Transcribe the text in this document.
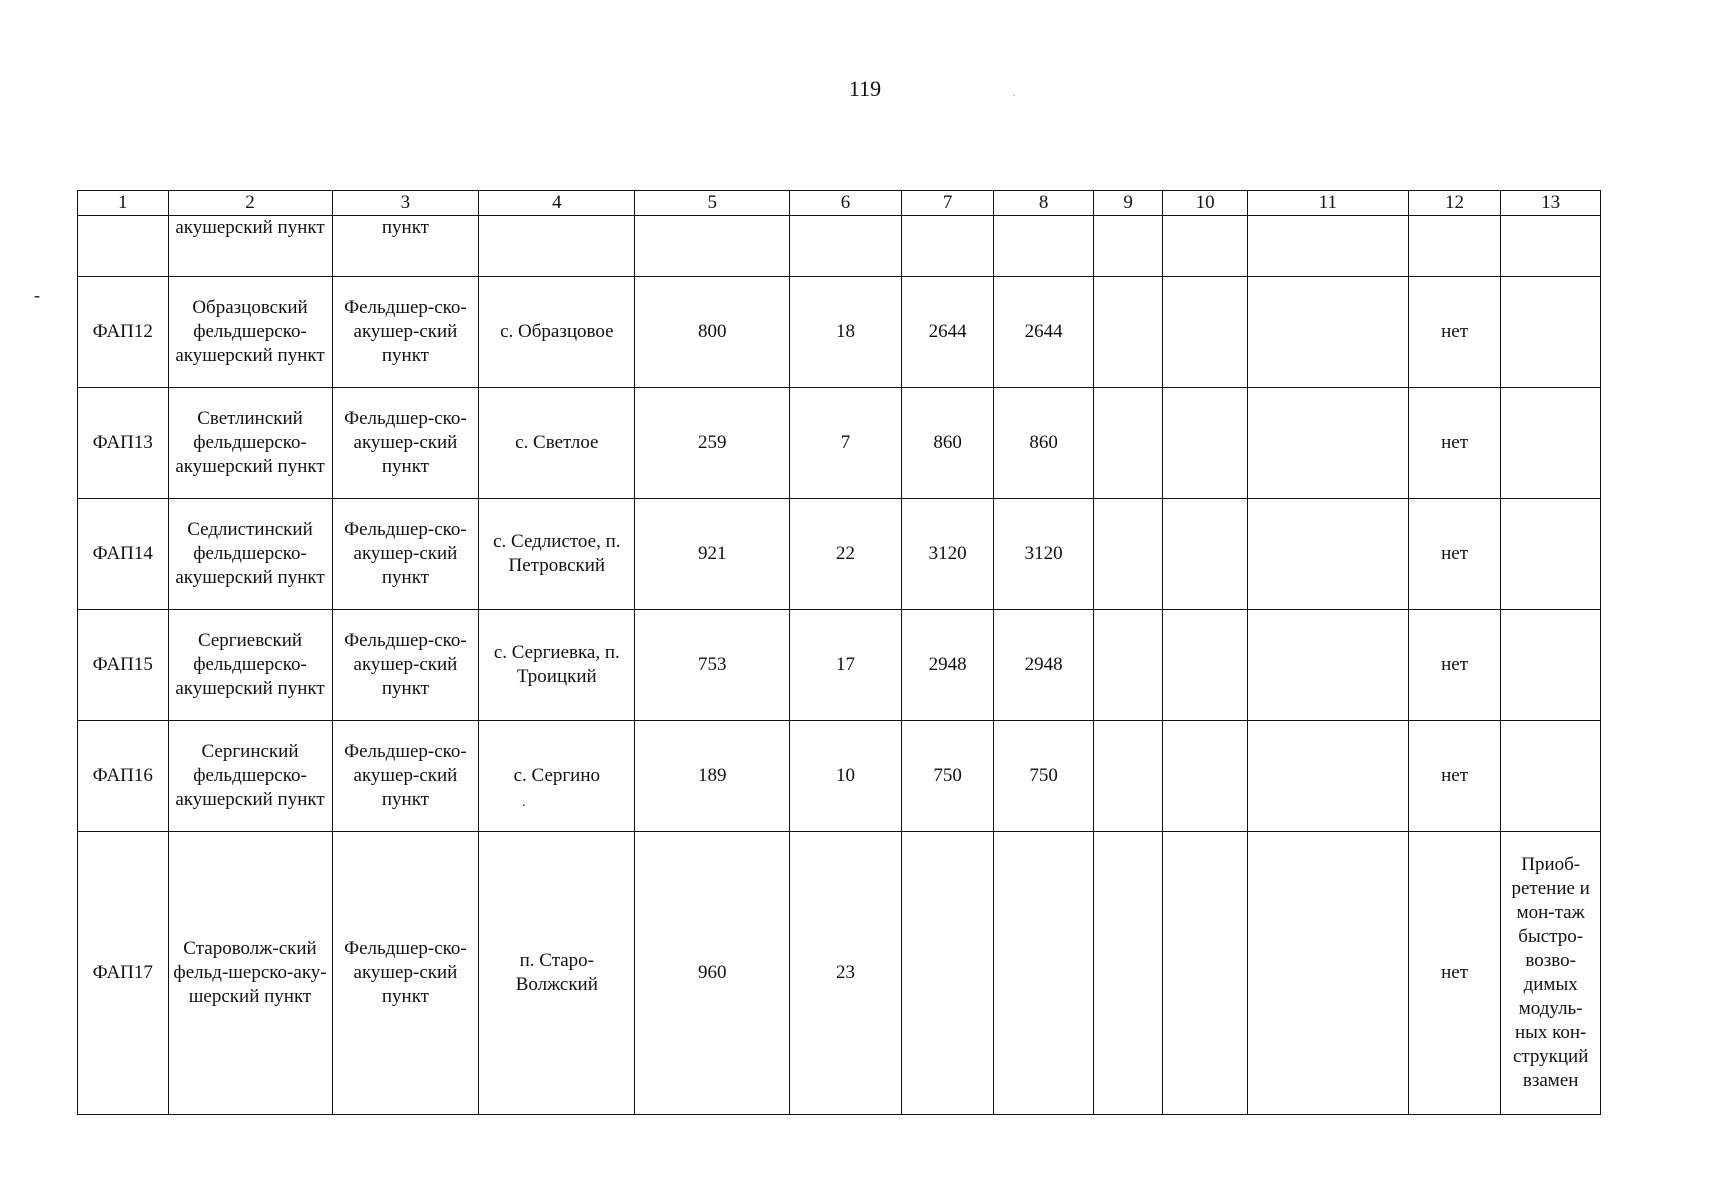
119	.
-
.
1	2	3	4	5	6	7	8	9	10	11	12	13
	акушерский пункт	пункт										
ФАП12	Образцовский фельдшерско-акушерский пункт	Фельдшер-ско-акушер-ский пункт	с. Образцовое	800	18	2644	2644				нет	
ФАП13	Светлинский фельдшерско-акушерский пункт	Фельдшер-ско-акушер-ский пункт	с. Светлое	259	7	860	860				нет	
ФАП14	Седлистинский фельдшерско-акушерский пункт	Фельдшер-ско-акушер-ский пункт	с. Седлистое, п. Петровский	921	22	3120	3120				нет	
ФАП15	Сергиевский фельдшерско-акушерский пункт	Фельдшер-ско-акушер-ский пункт	с. Сергиевка, п. Троицкий	753	17	2948	2948				нет	
ФАП16	Сергинский фельдшерско-акушерский пункт	Фельдшер-ско-акушер-ский пункт	с. Сергино	189	10	750	750				нет	
ФАП17	Староволж-ский фельд-шерско-аку-шерский пункт	Фельдшер-ско-акушер-ский пункт	п. Старо-Волжский	960	23						нет	Приоб-ретение и мон-таж быстро-возво-димых модуль-ных кон-струкций взамен
